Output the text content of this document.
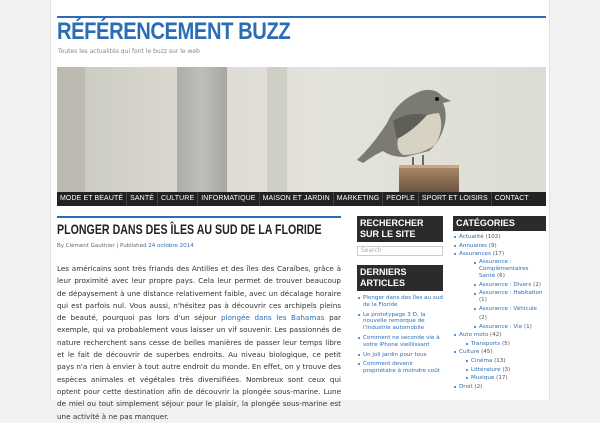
RÉFÉRENCEMENT BUZZ
Toutes les actualités qui font le buzz sur le web
MODE ET BEAUTÉ	SANTÉ	CULTURE	INFORMATIQUE	MAISON ET JARDIN	MARKETING	PEOPLE	SPORT ET LOISIRS	CONTACT
PLONGER DANS DES ÎLES AU SUD DE LA FLORIDE
By Clément Gauthier | Published 24 octobre 2014
Les américains sont très friands des Antilles et des îles des Caraïbes, grâce à leur proximité avec leur propre pays. Cela leur permet de trouver beaucoup de dépaysement à une distance relativement faible, avec un décalage horaire qui est parfois nul. Vous aussi, n'hésitez pas à découvrir ces archipels pleins de beauté, pourquoi pas lors d'un séjour plongée dans les Bahamas par exemple, qui va probablement vous laisser un vif souvenir. Les passionnés de nature recherchent sans cesse de belles manières de passer leur temps libre et le fait de découvrir de superbes endroits. Au niveau biologique, ce petit pays n'a rien à envier à tout autre endroit du monde. En effet, on y trouve des espèces animales et végétales très diversifiées. Nombreux sont ceux qui optent pour cette destination afin de découvrir la plongée sous-marine. Lune de miel ou tout simplement séjour pour le plaisir, la plongée sous-marine est une activité à ne pas manquer.
RECHERCHER SUR LE SITE
Search
DERNIERS ARTICLES
Plonger dans des îles au sud de la Floride
Le prototypage 3 D, la nouvelle remorque de l'industrie automobile
Comment ne seconde vie à votre iPhone vieillissant
Un joli jardin pour tous
Comment devenir propriétaire à moindre coût
CATÉGORIES
Actualité (102)
Annuaires (9)
Assurances (17)
Assurance : Complémentaires Santé (6)
Assurance : Divers (2)
Assurance : Habitation (1)
Assurance : Véhicule (2)
Assurance : Vie (1)
Auto moto (42)
Transports (5)
Culture (45)
Cinéma (13)
Littérature (3)
Musique (17)
Droit (2)
